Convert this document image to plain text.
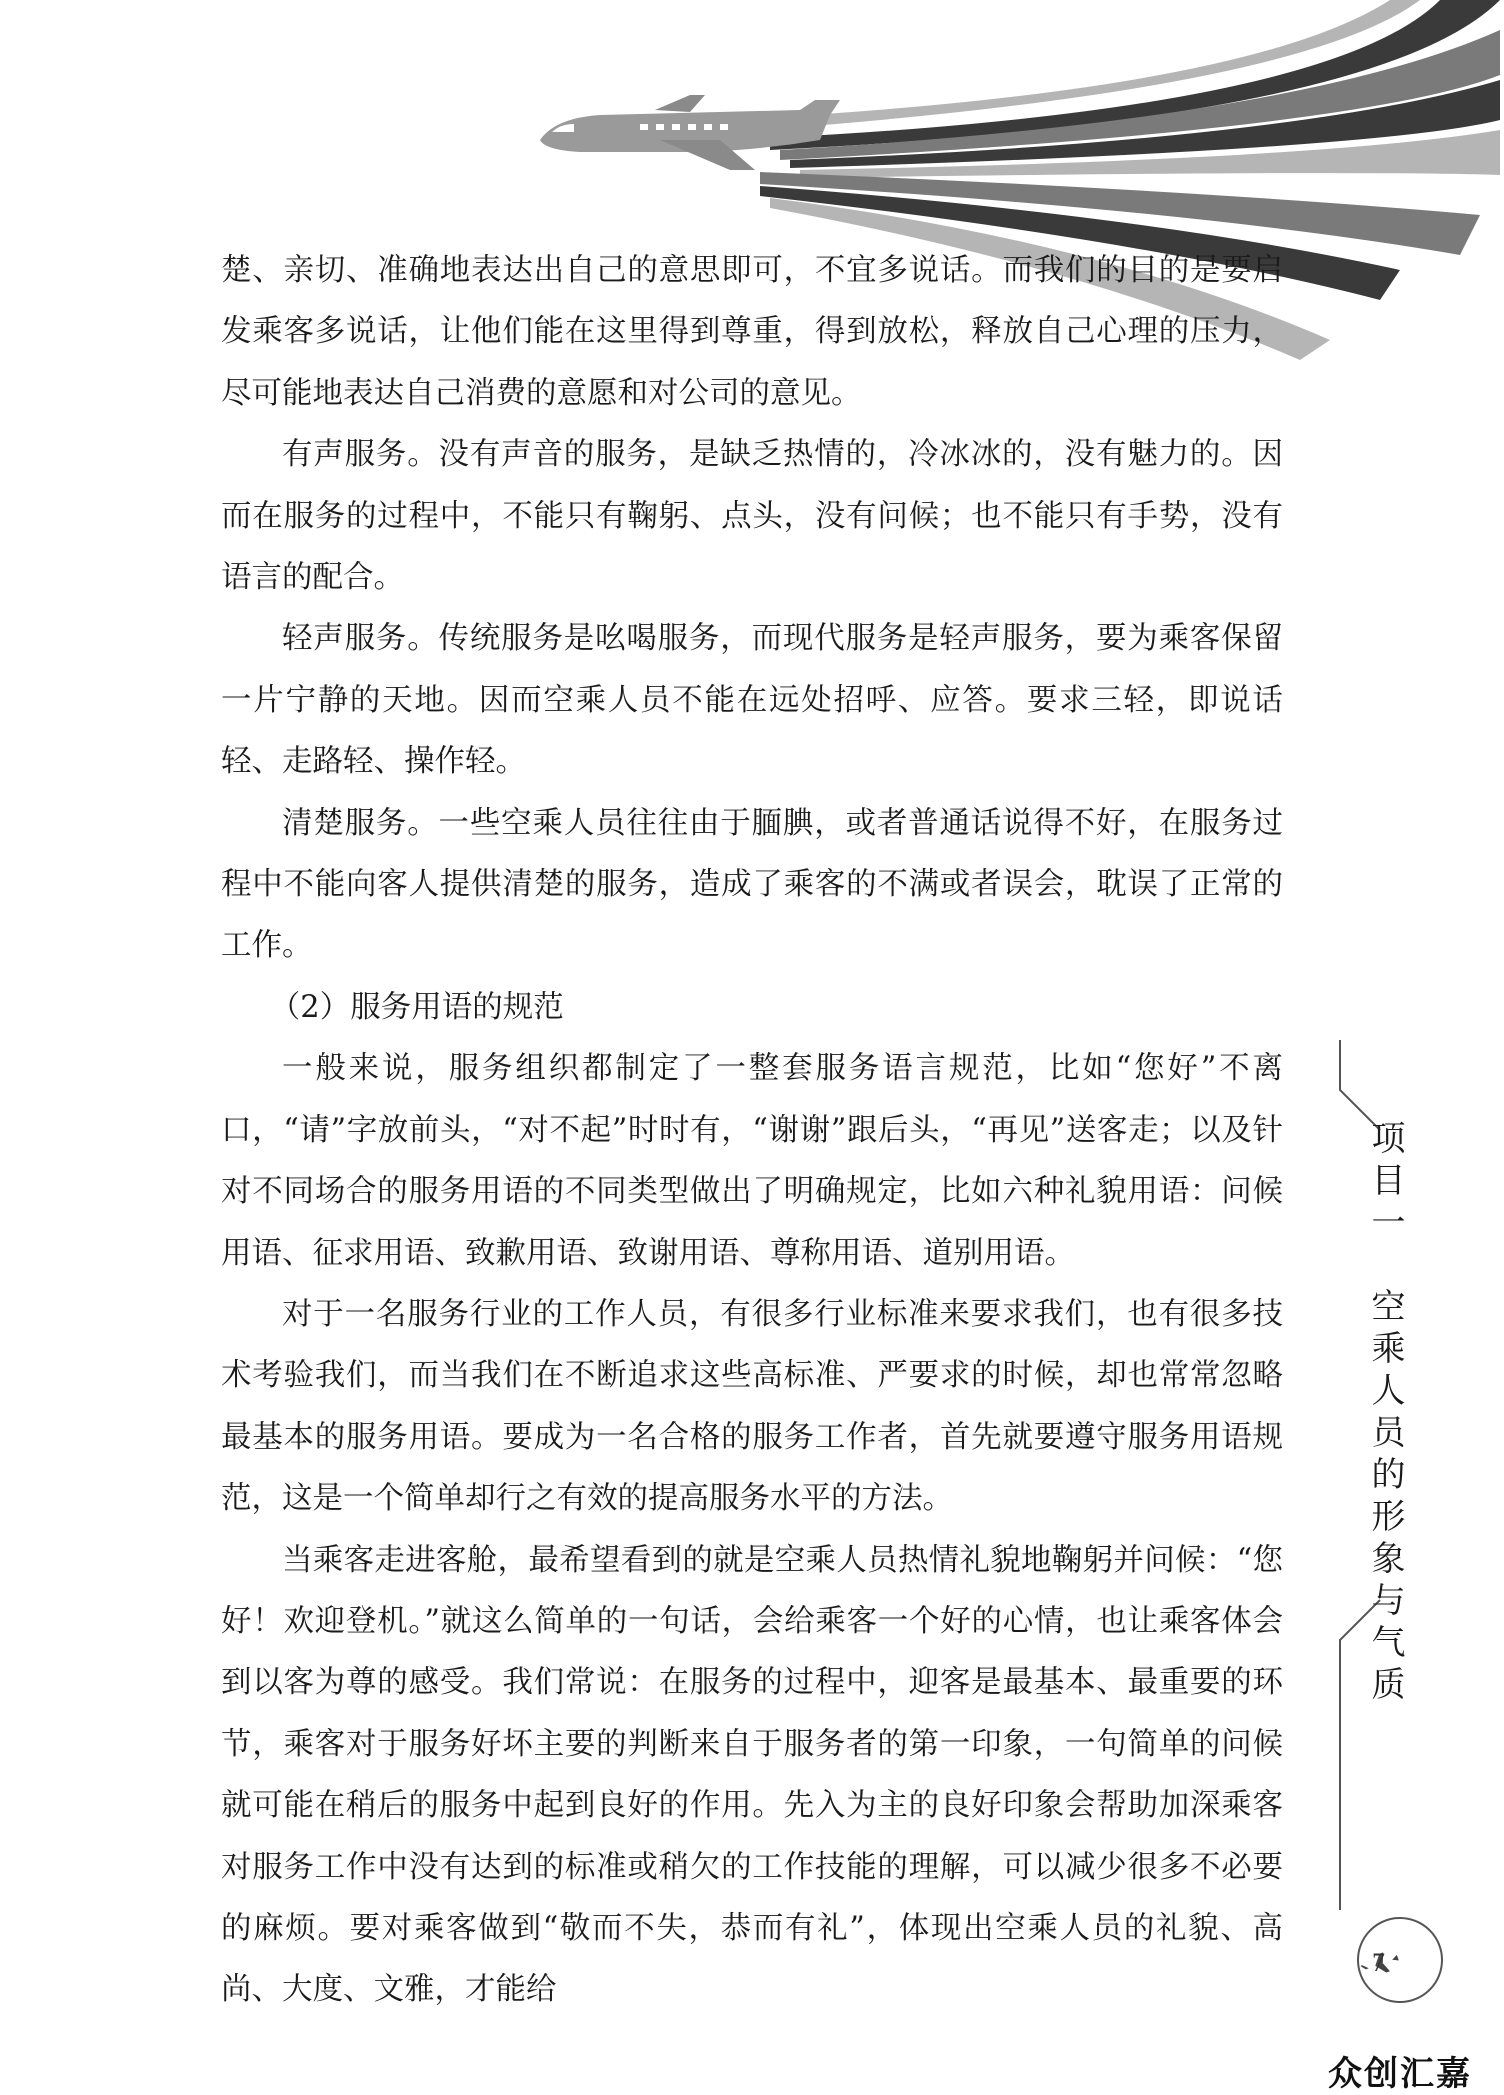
楚、亲切、准确地表达出自己的意思即可，不宜多说话。而我们的目的是要启发乘客多说话，让他们能在这里得到尊重，得到放松，释放自己心理的压力，尽可能地表达自己消费的意愿和对公司的意见。

有声服务。没有声音的服务，是缺乏热情的，冷冰冰的，没有魅力的。因而在服务的过程中，不能只有鞠躬、点头，没有问候；也不能只有手势，没有语言的配合。

轻声服务。传统服务是吆喝服务，而现代服务是轻声服务，要为乘客保留一片宁静的天地。因而空乘人员不能在远处招呼、应答。要求三轻，即说话轻、走路轻、操作轻。

清楚服务。一些空乘人员往往由于腼腆，或者普通话说得不好，在服务过程中不能向客人提供清楚的服务，造成了乘客的不满或者误会，耽误了正常的工作。

（2）服务用语的规范

一般来说，服务组织都制定了一整套服务语言规范，比如“您好”不离口，“请”字放前头，“对不起”时时有，“谢谢”跟后头，“再见”送客走；以及针对不同场合的服务用语的不同类型做出了明确规定，比如六种礼貌用语：问候用语、征求用语、致歉用语、致谢用语、尊称用语、道别用语。

对于一名服务行业的工作人员，有很多行业标准来要求我们，也有很多技术考验我们，而当我们在不断追求这些高标准、严要求的时候，却也常常忽略最基本的服务用语。要成为一名合格的服务工作者，首先就要遵守服务用语规范，这是一个简单却行之有效的提高服务水平的方法。

当乘客走进客舱，最希望看到的就是空乘人员热情礼貌地鞠躬并问候：“您好！欢迎登机。”就这么简单的一句话，会给乘客一个好的心情，也让乘客体会到以客为尊的感受。我们常说：在服务的过程中，迎客是最基本、最重要的环节，乘客对于服务好坏主要的判断来自于服务者的第一印象，一句简单的问候就可能在稍后的服务中起到良好的作用。先入为主的良好印象会帮助加深乘客对服务工作中没有达到的标准或稍欠的工作技能的理解，可以减少很多不必要的麻烦。要对乘客做到“敬而不失，恭而有礼”，体现出空乘人员的礼貌、高尚、大度、文雅，才能给

项目一　空乘人员的形象与气质
7
众创汇嘉
